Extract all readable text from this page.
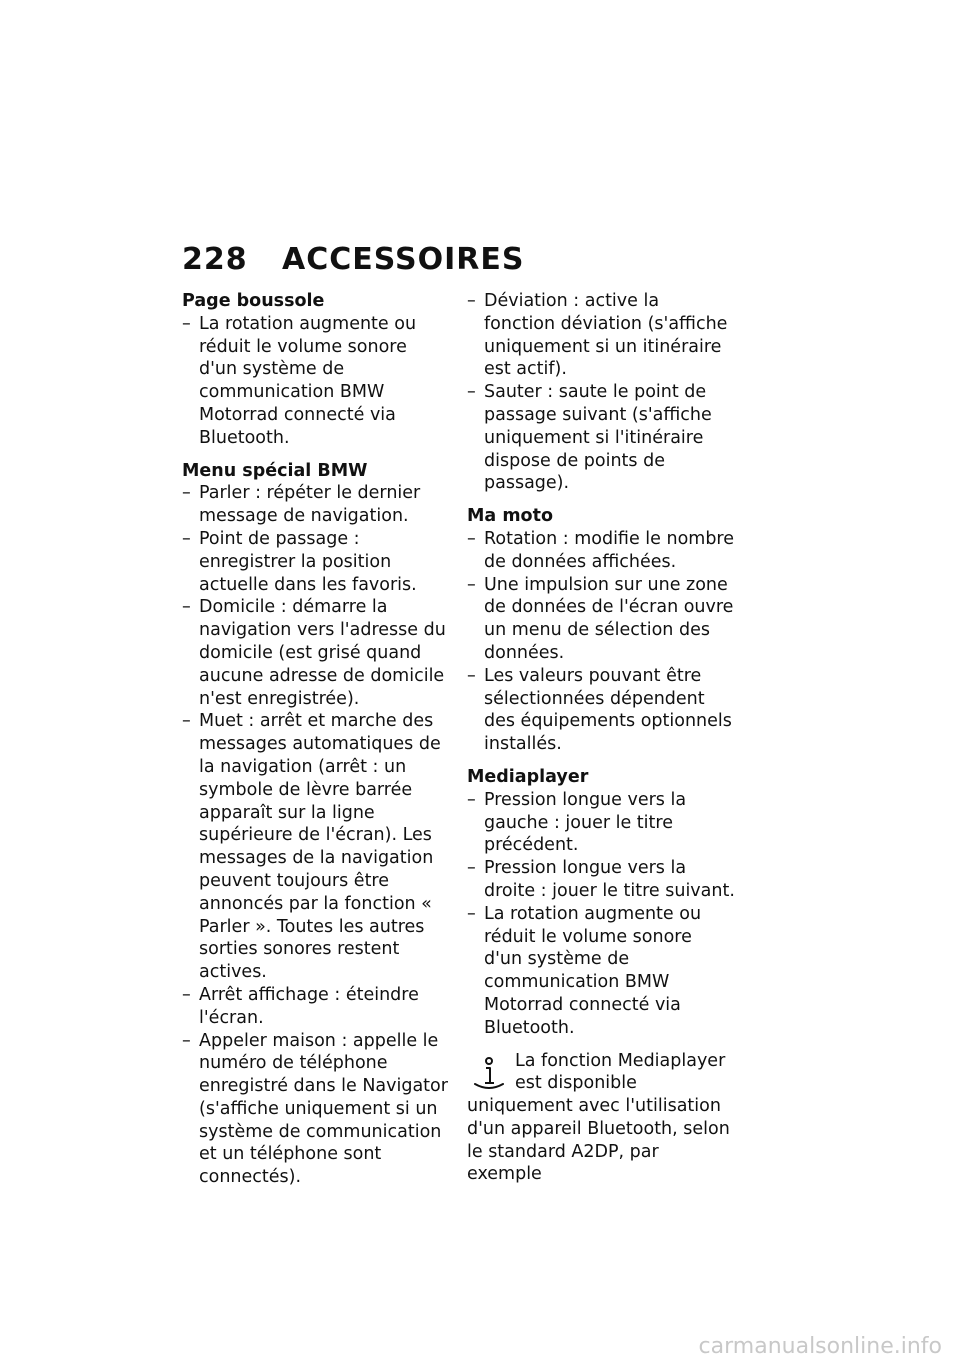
228 ACCESSOIRES
Page boussole
– La rotation augmente ou réduit le volume sonore d'un système de communication BMW Motorrad connecté via Bluetooth.
Menu spécial BMW
– Parler : répéter le dernier message de navigation.
– Point de passage : enregistrer la position actuelle dans les favoris.
– Domicile : démarre la navigation vers l'adresse du domicile (est grisé quand aucune adresse de domicile n'est enregistrée).
– Muet : arrêt et marche des messages automatiques de la navigation (arrêt : un symbole de lèvre barrée apparaît sur la ligne supérieure de l'écran). Les messages de la navigation peuvent toujours être annoncés par la fonction « Parler ». Toutes les autres sorties sonores restent actives.
– Arrêt affichage : éteindre l'écran.
– Appeler maison : appelle le numéro de téléphone enregistré dans le Navigator (s'affiche uniquement si un système de communication et un téléphone sont connectés).
– Déviation : active la fonction déviation (s'affiche uniquement si un itinéraire est actif).
– Sauter : saute le point de passage suivant (s'affiche uniquement si l'itinéraire dispose de points de passage).
Ma moto
– Rotation : modifie le nombre de données affichées.
– Une impulsion sur une zone de données de l'écran ouvre un menu de sélection des données.
– Les valeurs pouvant être sélectionnées dépendent des équipements optionnels installés.
Mediaplayer
– Pression longue vers la gauche : jouer le titre précédent.
– Pression longue vers la droite : jouer le titre suivant.
– La rotation augmente ou réduit le volume sonore d'un système de communication BMW Motorrad connecté via Bluetooth.
La fonction Mediaplayer est disponible uniquement avec l'utilisation d'un appareil Bluetooth, selon le standard A2DP, par exemple
carmanualsonline.info
